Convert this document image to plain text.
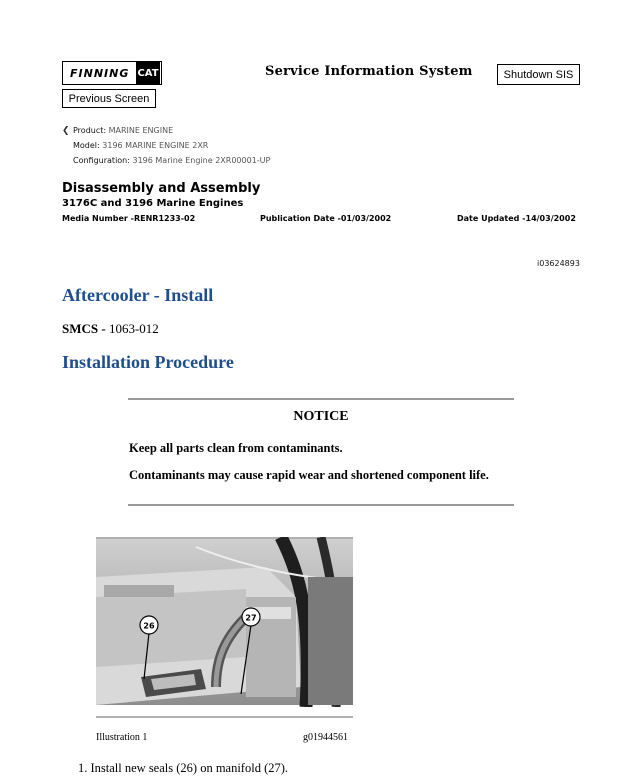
FINNING CAT	Service Information System	Shutdown SIS
Previous Screen
❮ Product: MARINE ENGINE
Model: 3196 MARINE ENGINE 2XR
Configuration: 3196 Marine Engine 2XR00001-UP
Disassembly and Assembly
3176C and 3196 Marine Engines
Media Number -RENR1233-02	Publication Date -01/03/2002	Date Updated -14/03/2002
i03624893
Aftercooler - Install
SMCS - 1063-012
Installation Procedure
NOTICE
Keep all parts clean from contaminants.
Contaminants may cause rapid wear and shortened component life.
26
27
Illustration 1	g01944561
1. Install new seals (26) on manifold (27).
